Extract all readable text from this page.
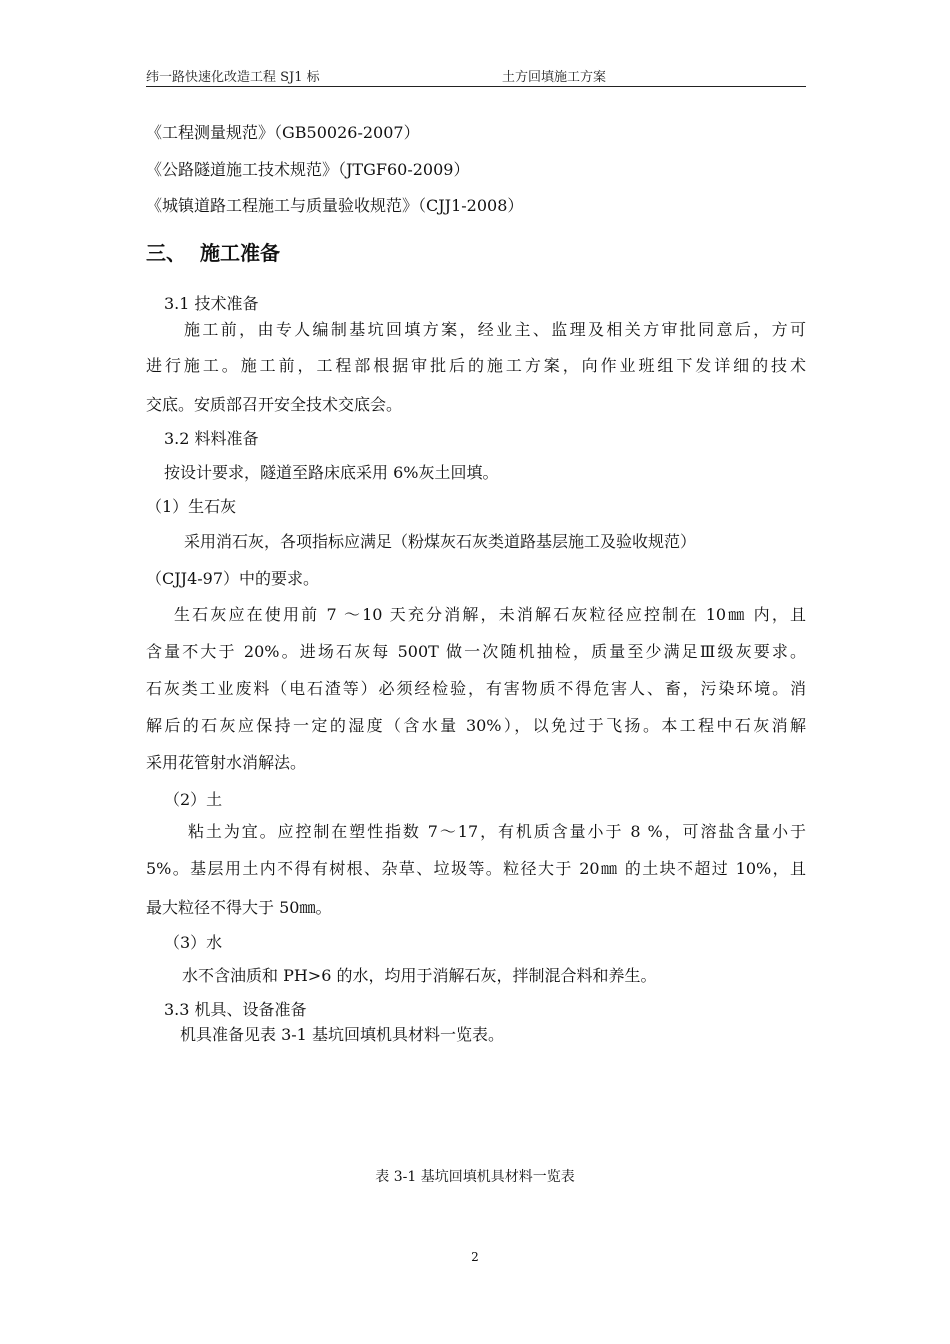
纬一路快速化改造工程 SJ1 标	土方回填施工方案
《工程测量规范》（GB50026-2007）
《公路隧道施工技术规范》（JTGF60-2009）
《城镇道路工程施工与质量验收规范》（CJJ1-2008）
三、 施工准备
3.1 技术准备
施工前，由专人编制基坑回填方案，经业主、监理及相关方审批同意后，方可
进行施工。施工前，工程部根据审批后的施工方案，向作业班组下发详细的技术
交底。安质部召开安全技术交底会。
3.2 料料准备
按设计要求，隧道至路床底采用 6%灰土回填。
（1）生石灰
采用消石灰，各项指标应满足（粉煤灰石灰类道路基层施工及验收规范）
（CJJ4-97）中的要求。
生石灰应在使用前 7 ～10 天充分消解，未消解石灰粒径应控制在 10㎜ 内，且
含量不大于 20%。进场石灰每 500T 做一次随机抽检，质量至少满足Ⅲ级灰要求。
石灰类工业废料（电石渣等）必须经检验，有害物质不得危害人、畜，污染环境。消
解后的石灰应保持一定的湿度（含水量 30%），以免过于飞扬。本工程中石灰消解
采用花管射水消解法。
（2）土
粘土为宜。应控制在塑性指数 7～17，有机质含量小于 8 %，可溶盐含量小于
5%。基层用土内不得有树根、杂草、垃圾等。粒径大于 20㎜ 的土块不超过 10%，且
最大粒径不得大于 50㎜。
（3）水
水不含油质和 PH>6 的水，均用于消解石灰，拌制混合料和养生。
3.3 机具、设备准备
机具准备见表 3-1 基坑回填机具材料一览表。
表 3-1 基坑回填机具材料一览表
2
